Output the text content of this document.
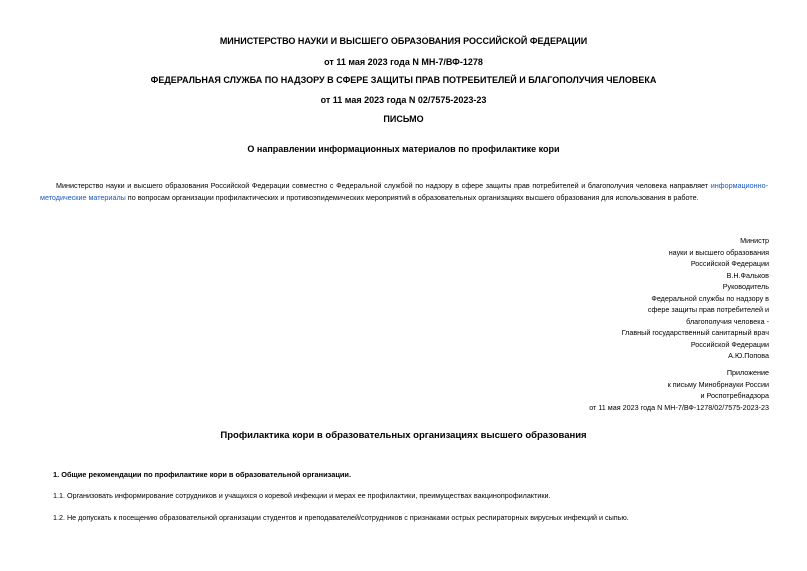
МИНИСТЕРСТВО НАУКИ И ВЫСШЕГО ОБРАЗОВАНИЯ РОССИЙСКОЙ ФЕДЕРАЦИИ
от 11 мая 2023 года N МН-7/ВФ-1278
ФЕДЕРАЛЬНАЯ СЛУЖБА ПО НАДЗОРУ В СФЕРЕ ЗАЩИТЫ ПРАВ ПОТРЕБИТЕЛЕЙ И БЛАГОПОЛУЧИЯ ЧЕЛОВЕКА
от 11 мая 2023 года N 02/7575-2023-23
ПИСЬМО
О направлении информационных материалов по профилактике кори
Министерство науки и высшего образования Российской Федерации совместно с Федеральной службой по надзору в сфере защиты прав потребителей и благополучия человека направляет информационно-методические материалы по вопросам организации профилактических и противоэпидемических мероприятий в образовательных организациях высшего образования для использования в работе.
Министр
науки и высшего образования
Российской Федерации
В.Н.Фальков
Руководитель
Федеральной службы по надзору в
сфере защиты прав потребителей и
благополучия человека -
Главный государственный санитарный врач
Российской Федерации
А.Ю.Попова
Приложение
к письму Минобрнауки России
и Роспотребнадзора
от 11 мая 2023 года N МН-7/ВФ-1278/02/7575-2023-23
Профилактика кори в образовательных организациях высшего образования
1. Общие рекомендации по профилактике кори в образовательной организации.
1.1. Организовать информирование сотрудников и учащихся о коревой инфекции и мерах ее профилактики, преимуществах вакцинопрофилактики.
1.2. Не допускать к посещению образовательной организации студентов и преподавателей/сотрудников с признаками острых респираторных вирусных инфекций и сыпью.
